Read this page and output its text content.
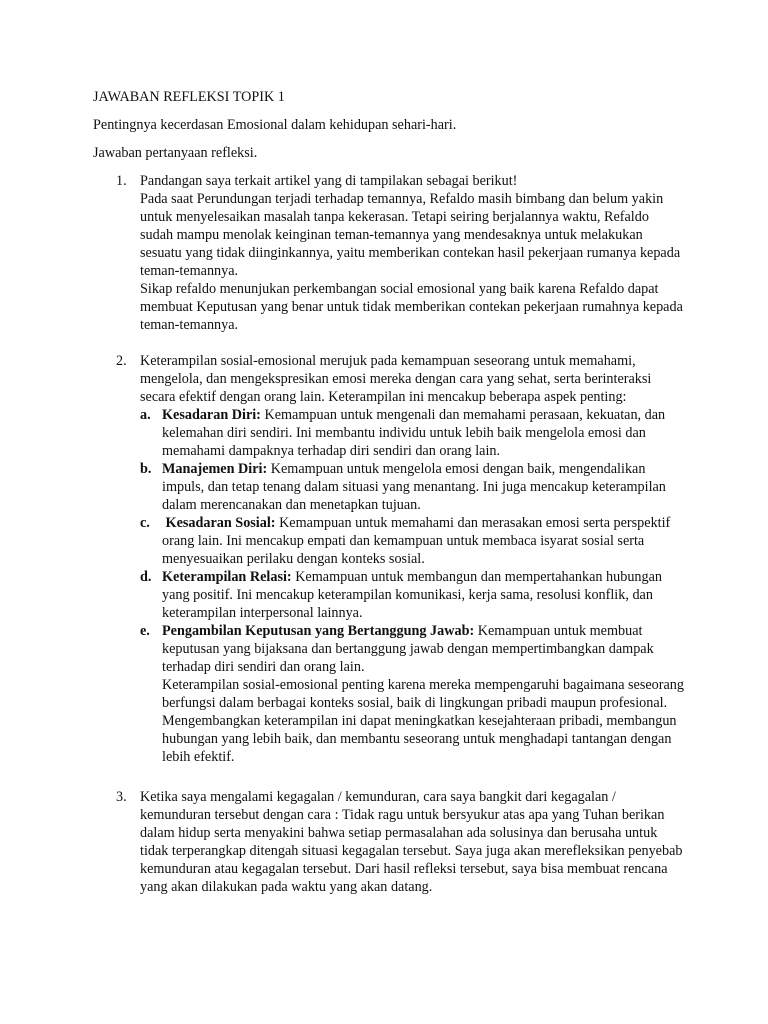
JAWABAN REFLEKSI TOPIK 1
Pentingnya kecerdasan Emosional dalam kehidupan sehari-hari.

Jawaban pertanyaan refleksi.

1. Pandangan saya terkait artikel yang di tampilakan sebagai berikut!

Pada saat Perundungan terjadi terhadap temannya, Refaldo masih bimbang dan belum yakin untuk menyelesaikan masalah tanpa kekerasan. Tetapi seiring berjalannya waktu, Refaldo sudah mampu menolak keinginan teman-temannya yang mendesaknya untuk melakukan sesuatu yang tidak diinginkannya, yaitu memberikan contekan hasil pekerjaan rumanya kepada teman-temannya.

Sikap refaldo menunjukan perkembangan social emosional yang baik karena Refaldo dapat membuat Keputusan yang benar untuk tidak memberikan contekan pekerjaan rumahnya kepada teman-temannya.

2. Keterampilan sosial-emosional merujuk pada kemampuan seseorang untuk memahami, mengelola, dan mengekspresikan emosi mereka dengan cara yang sehat, serta berinteraksi secara efektif dengan orang lain. Keterampilan ini mencakup beberapa aspek penting:

a. Kesadaran Diri: Kemampuan untuk mengenali dan memahami perasaan, kekuatan, dan kelemahan diri sendiri. Ini membantu individu untuk lebih baik mengelola emosi dan memahami dampaknya terhadap diri sendiri dan orang lain.

b. Manajemen Diri: Kemampuan untuk mengelola emosi dengan baik, mengendalikan impuls, dan tetap tenang dalam situasi yang menantang. Ini juga mencakup keterampilan dalam merencanakan dan menetapkan tujuan.

c. Kesadaran Sosial: Kemampuan untuk memahami dan merasakan emosi serta perspektif orang lain. Ini mencakup empati dan kemampuan untuk membaca isyarat sosial serta menyesuaikan perilaku dengan konteks sosial.

d. Keterampilan Relasi: Kemampuan untuk membangun dan mempertahankan hubungan yang positif. Ini mencakup keterampilan komunikasi, kerja sama, resolusi konflik, dan keterampilan interpersonal lainnya.

e. Pengambilan Keputusan yang Bertanggung Jawab: Kemampuan untuk membuat keputusan yang bijaksana dan bertanggung jawab dengan mempertimbangkan dampak terhadap diri sendiri dan orang lain.

Keterampilan sosial-emosional penting karena mereka mempengaruhi bagaimana seseorang berfungsi dalam berbagai konteks sosial, baik di lingkungan pribadi maupun profesional. Mengembangkan keterampilan ini dapat meningkatkan kesejahteraan pribadi, membangun hubungan yang lebih baik, dan membantu seseorang untuk menghadapi tantangan dengan lebih efektif.

3. Ketika saya mengalami kegagalan / kemunduran, cara saya bangkit dari kegagalan / kemunduran tersebut dengan cara : Tidak ragu untuk bersyukur atas apa yang Tuhan berikan dalam hidup serta menyakini bahwa setiap permasalahan ada solusinya dan berusaha untuk tidak terperangkap ditengah situasi kegagalan tersebut. Saya juga akan merefleksikan penyebab kemunduran atau kegagalan tersebut. Dari hasil refleksi tersebut, saya bisa membuat rencana yang akan dilakukan pada waktu yang akan datang.
